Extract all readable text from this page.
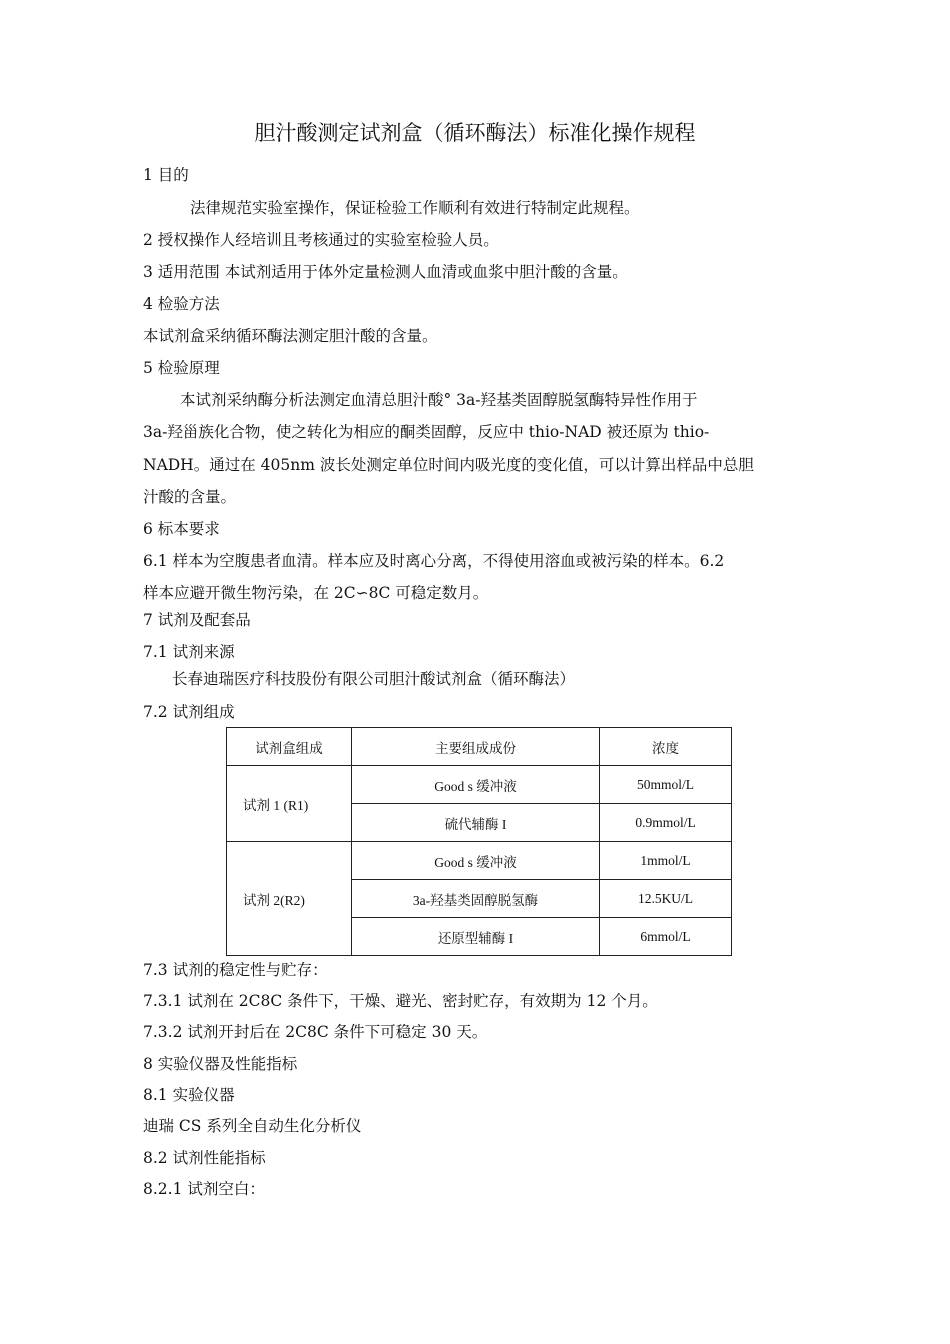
胆汁酸测定试剂盒（循环酶法）标准化操作规程
1 目的
法律规范实验室操作，保证检验工作顺利有效进行特制定此规程。
2 授权操作人经培训且考核通过的实验室检验人员。
3 适用范围 本试剂适用于体外定量检测人血清或血浆中胆汁酸的含量。
4 检验方法
本试剂盒采纳循环酶法测定胆汁酸的含量。
5 检验原理
本试剂采纳酶分析法测定血清总胆汁酸° 3a-羟基类固醇脱氢酶特异性作用于
3a-羟甾族化合物，使之转化为相应的酮类固醇，反应中 thio-NAD 被还原为 thio-
NADH。通过在 405nm 波长处测定单位时间内吸光度的变化值，可以计算出样品中总胆
汁酸的含量。
6 标本要求
6.1 样本为空腹患者血清。样本应及时离心分离，不得使用溶血或被污染的样本。6.2
样本应避开微生物污染，在 2C∽8C 可稳定数月。
7 试剂及配套品
7.1 试剂来源
长春迪瑞医疗科技股份有限公司胆汁酸试剂盒（循环酶法）
7.2 试剂组成
试剂盒组成	主要组成成份	浓度
试剂 1 (R1)	Good s 缓冲液	50mmol/L
	硫代辅酶 I	0.9mmol/L
试剂 2(R2)	Good s 缓冲液	1mmol/L
	3a-羟基类固醇脱氢酶	12.5KU/L
	还原型辅酶 I	6mmol/L
7.3 试剂的稳定性与贮存：
7.3.1 试剂在 2C8C 条件下，干燥、避光、密封贮存，有效期为 12 个月。
7.3.2 试剂开封后在 2C8C 条件下可稳定 30 天。
8 实验仪器及性能指标
8.1 实验仪器
迪瑞 CS 系列全自动生化分析仪
8.2 试剂性能指标
8.2.1 试剂空白：
